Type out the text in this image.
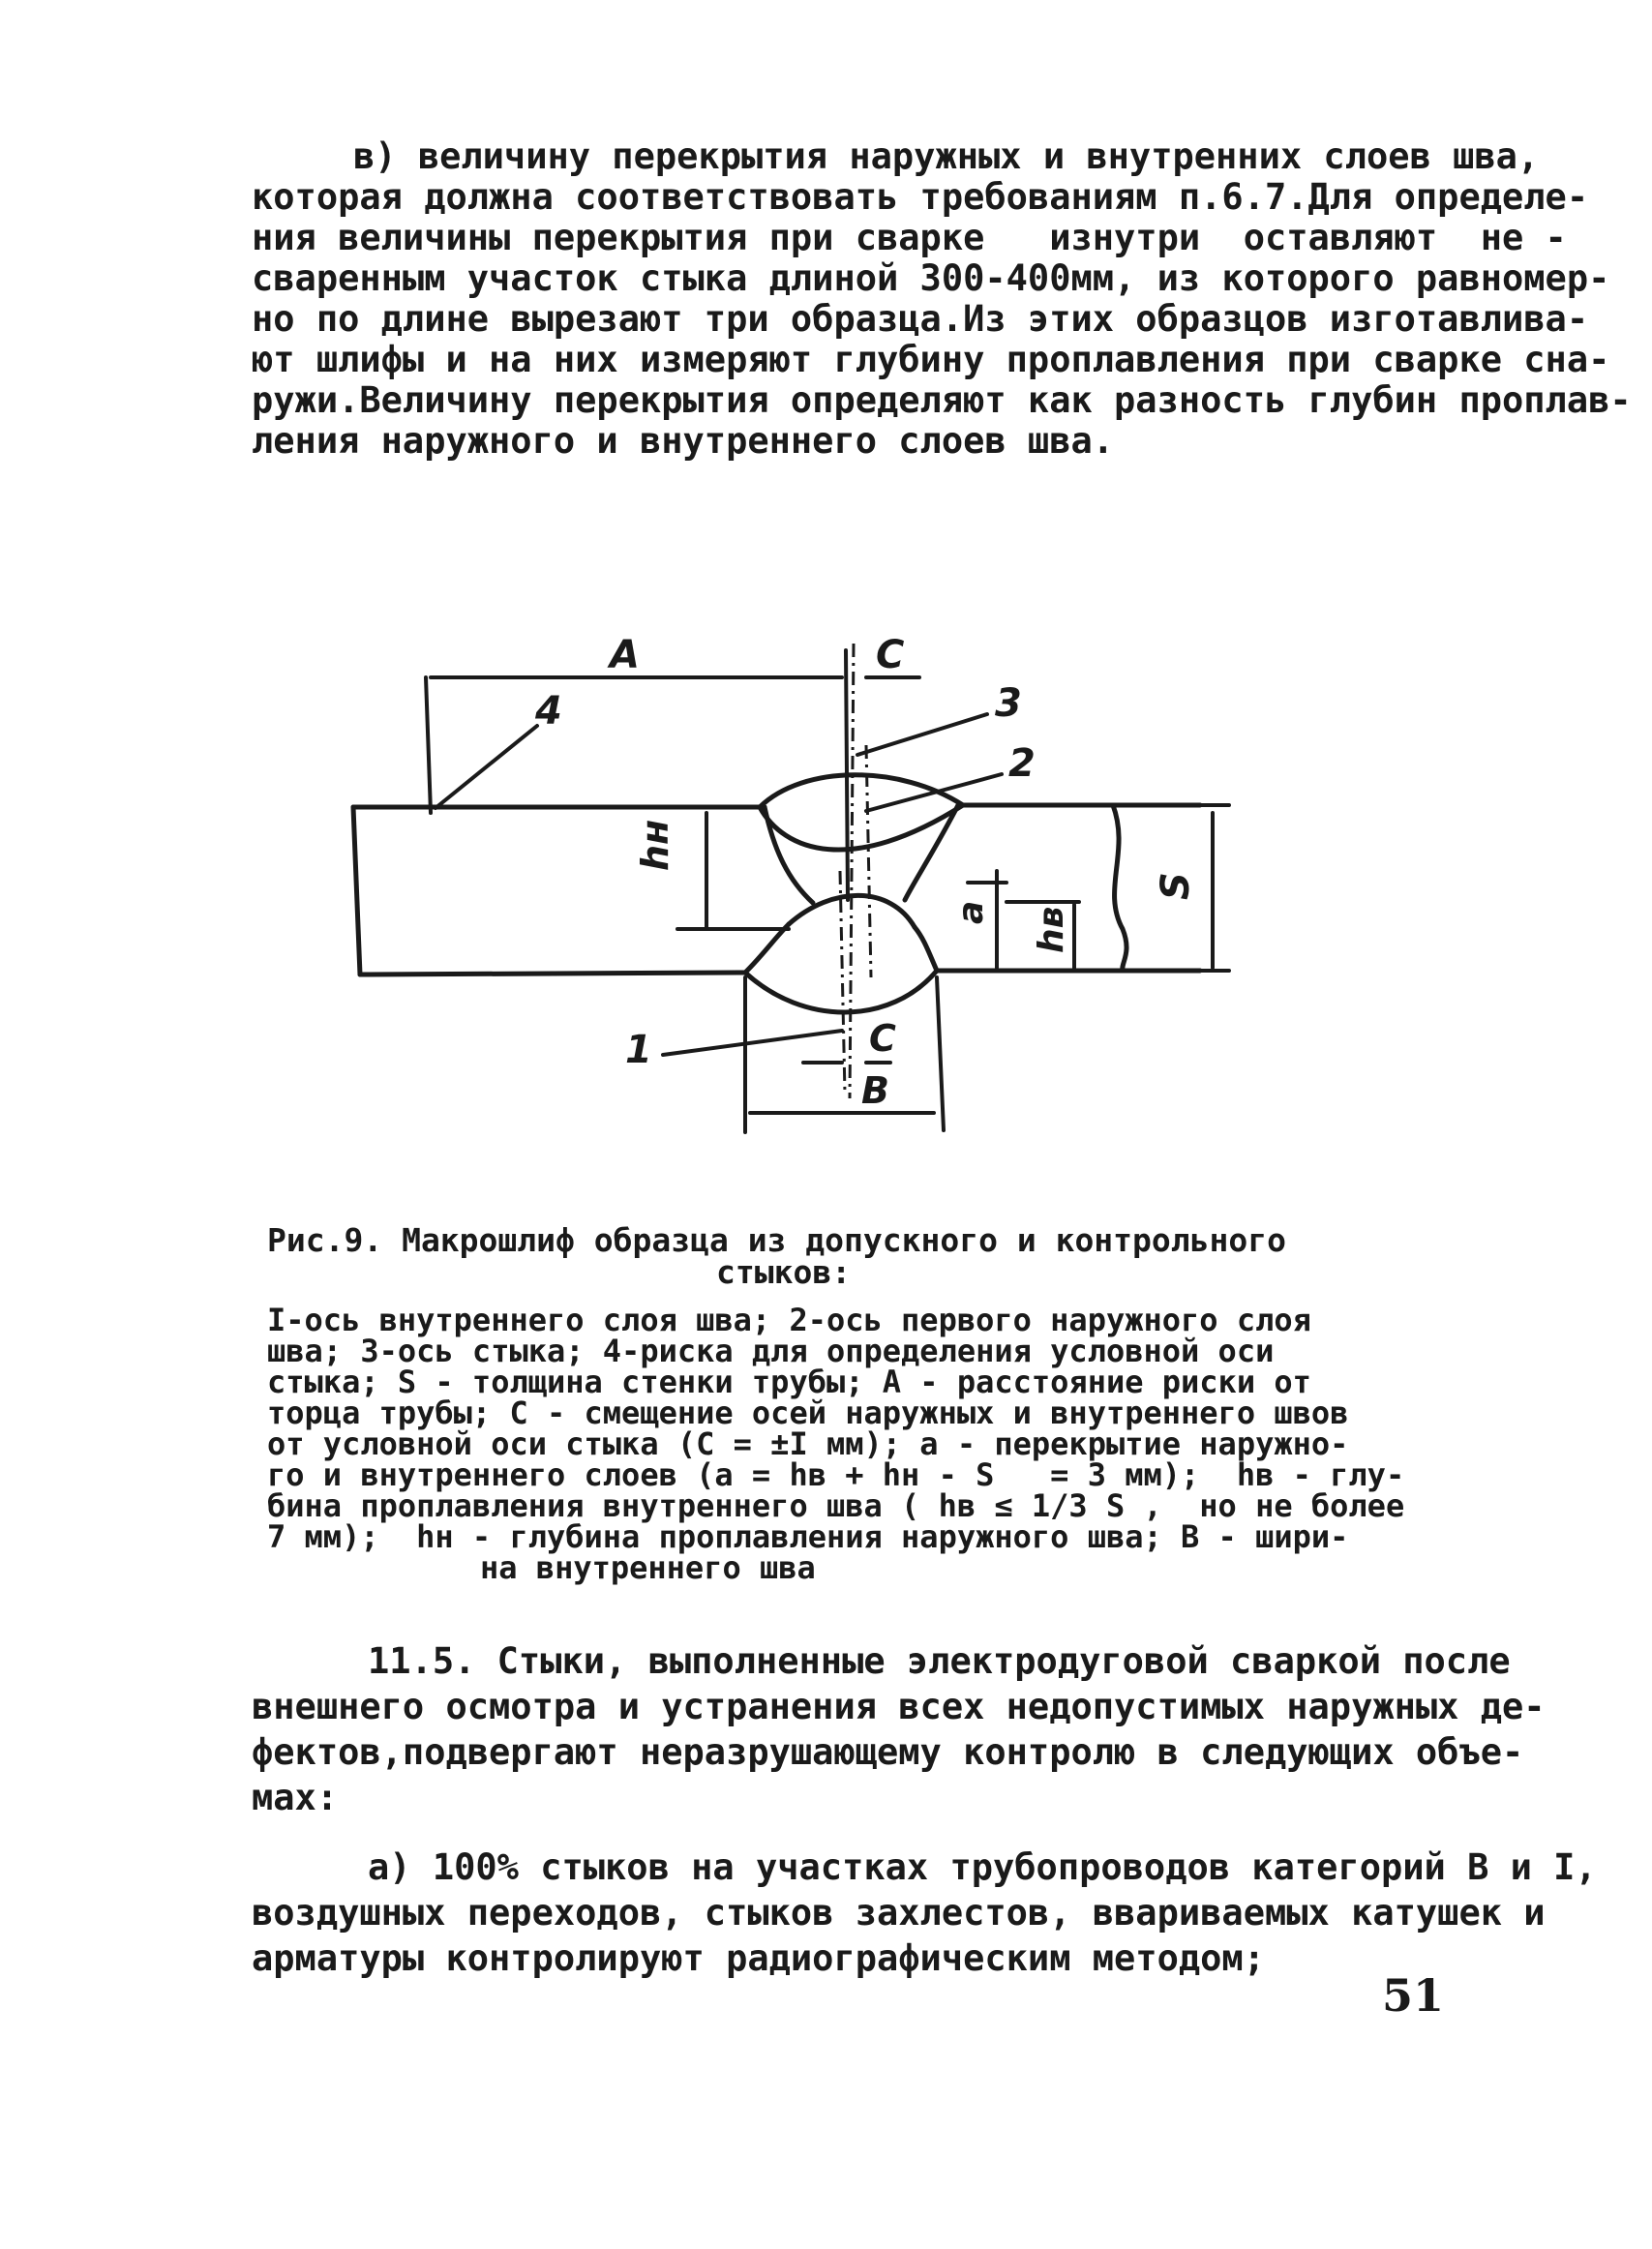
в) величину перекрытия наружных и внутренних слоев шва,
которая должна соответствовать требованиям п.6.7.Для определе-
ния величины перекрытия при сварке   изнутри  оставляют  не -
сваренным участок стыка длиной 300-400мм, из которого равномер-
но по длине вырезают три образца.Из этих образцов изготавлива-
ют шлифы и на них измеряют глубину проплавления при сварке сна-
ружи.Величину перекрытия определяют как разность глубин проплав-
ления наружного и внутреннего слоев шва.
A	C
3
2
4
hн
a hв
S
1	C
B
Рис.9. Макрошлиф образца из допускного и контрольного
стыков:
I-ось внутреннего слоя шва; 2-ось первого наружного слоя
шва; 3-ось стыка; 4-риска для определения условной оси
стыка; S - толщина стенки трубы; A - расстояние риски от
торца трубы; C - смещение осей наружных и внутреннего швов
от условной оси стыка (C = ±I мм); a - перекрытие наружно-
го и внутреннего слоев (a = hв + hн - S   = 3 мм);  hв - глу-
бина проплавления внутреннего шва ( hв ≤ 1/3 S ,  но не более
7 мм);  hн - глубина проплавления наружного шва; B - шири-
на внутреннего шва
11.5. Стыки, выполненные электродуговой сваркой после
внешнего осмотра и устранения всех недопустимых наружных де-
фектов,подвергают неразрушающему контролю в следующих объе-
мах:
а) 100% стыков на участках трубопроводов категорий В и I,
воздушных переходов, стыков захлестов, ввариваемых катушек и
арматуры контролируют радиографическим методом;
51
